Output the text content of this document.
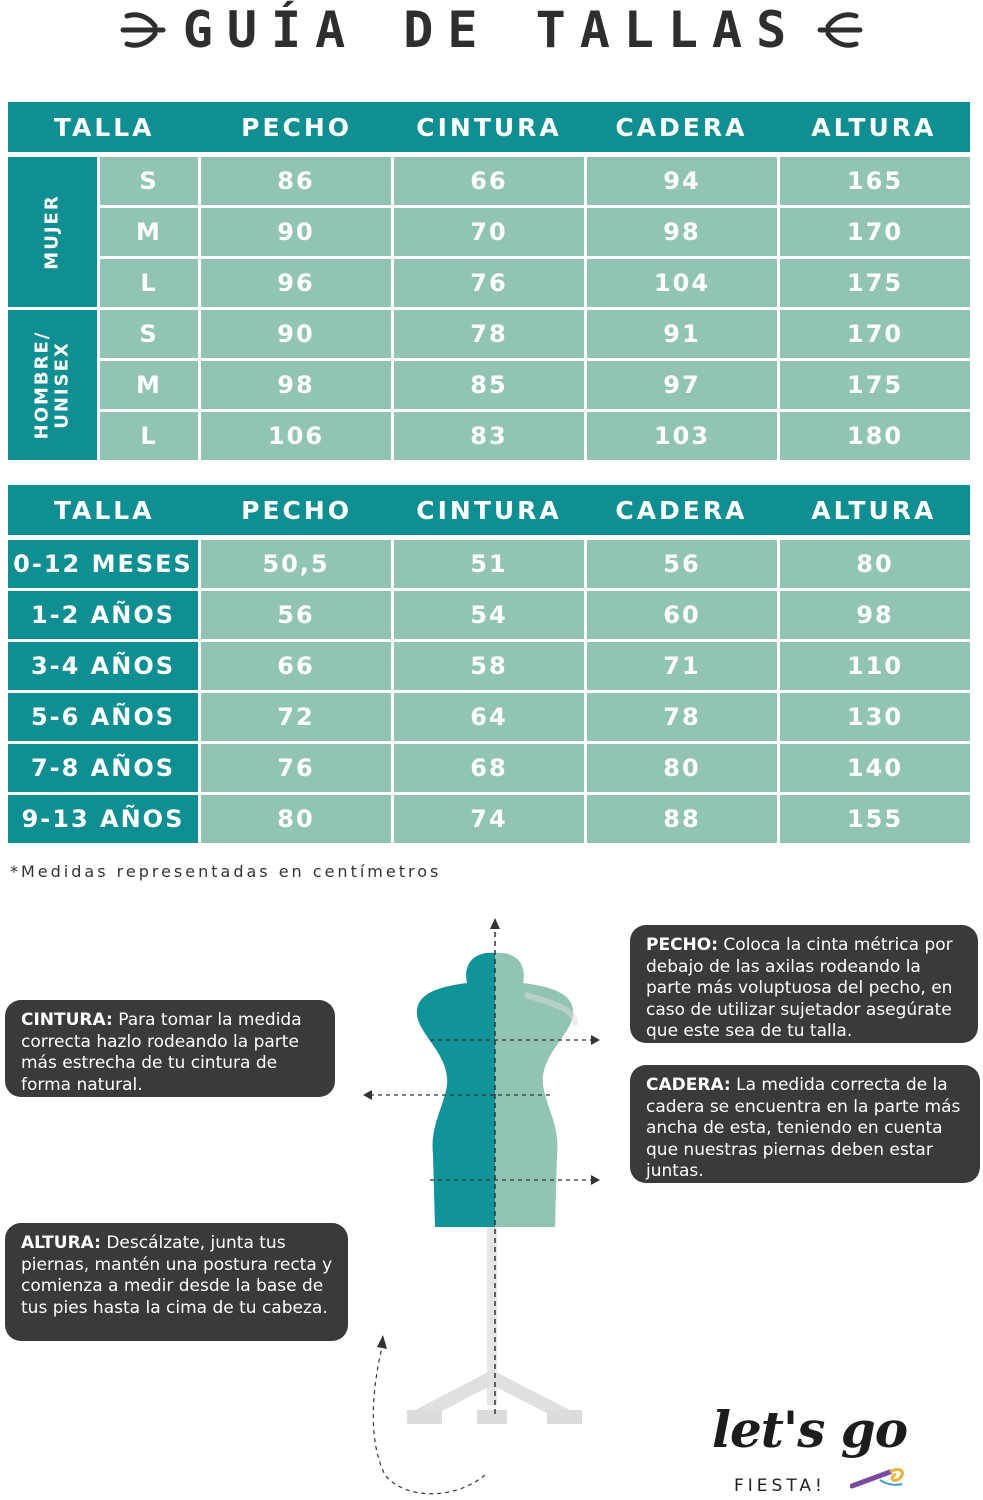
GUÍA DE TALLAS
TALLA	PECHO	CINTURA	CADERA	ALTURA
MUJER
S	86	66	94	165
M	90	70	98	170
L	96	76	104	175
HOMBRE/ UNISEX
S	90	78	91	170
M	98	85	97	175
L	106	83	103	180
TALLA	PECHO	CINTURA	CADERA	ALTURA
0-12 MESES	50,5	51	56	80
1-2 AÑOS	56	54	60	98
3-4 AÑOS	66	58	71	110
5-6 AÑOS	72	64	78	130
7-8 AÑOS	76	68	80	140
9-13 AÑOS	80	74	88	155
*Medidas representadas en centímetros
PECHO: Coloca la cinta métrica por debajo de las axilas rodeando la parte más voluptuosa del pecho, en caso de utilizar sujetador asegúrate que este sea de tu talla.
CINTURA: Para tomar la medida correcta hazlo rodeando la parte más estrecha de tu cintura de forma natural.	CADERA: La medida correcta de la cadera se encuentra en la parte más ancha de esta, teniendo en cuenta que nuestras piernas deben estar juntas.
ALTURA: Descálzate, junta tus piernas, mantén una postura recta y comienza a medir desde la base de tus pies hasta la cima de tu cabeza.
let's go
FIESTA!
